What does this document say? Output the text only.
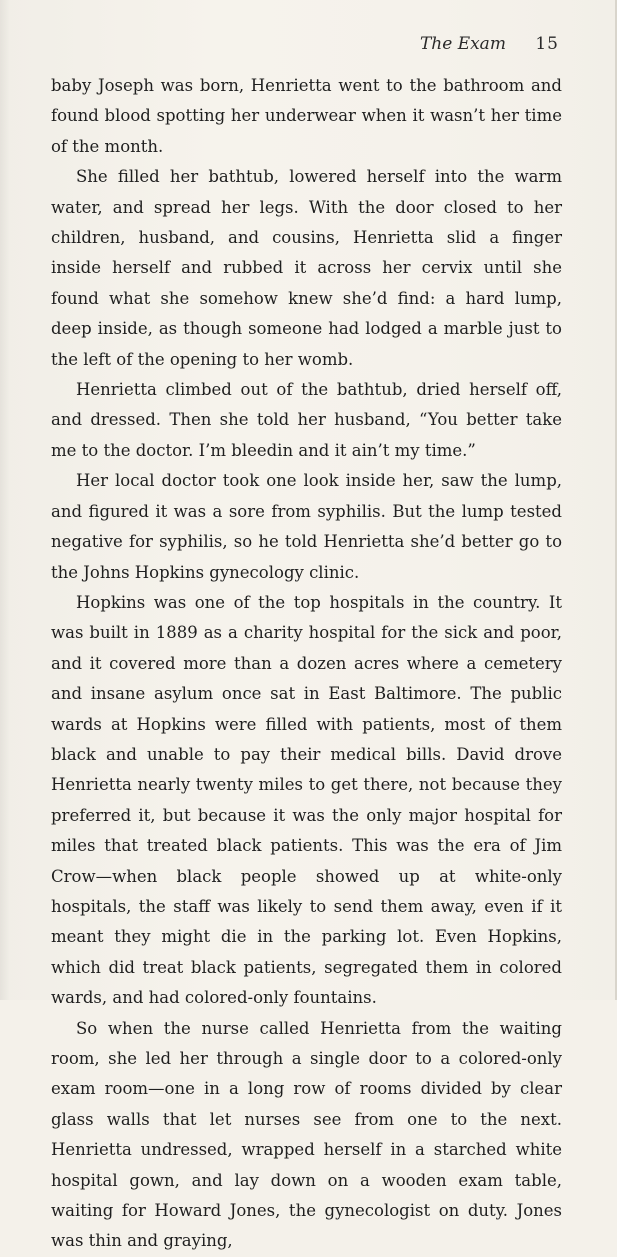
The Exam 15

baby Joseph was born, Henrietta went to the bathroom and found blood spotting her underwear when it wasn’t her time of the month.

She filled her bathtub, lowered herself into the warm water, and spread her legs. With the door closed to her children, husband, and cousins, Henrietta slid a finger inside herself and rubbed it across her cervix until she found what she somehow knew she’d find: a hard lump, deep inside, as though someone had lodged a marble just to the left of the opening to her womb.

Henrietta climbed out of the bathtub, dried herself off, and dressed. Then she told her husband, “You better take me to the doctor. I’m bleedin and it ain’t my time.”

Her local doctor took one look inside her, saw the lump, and figured it was a sore from syphilis. But the lump tested negative for syphilis, so he told Henrietta she’d better go to the Johns Hopkins gynecology clinic.

Hopkins was one of the top hospitals in the country. It was built in 1889 as a charity hospital for the sick and poor, and it covered more than a dozen acres where a cemetery and insane asylum once sat in East Baltimore. The public wards at Hopkins were filled with patients, most of them black and unable to pay their medical bills. David drove Henrietta nearly twenty miles to get there, not because they preferred it, but because it was the only major hospital for miles that treated black patients. This was the era of Jim Crow—when black people showed up at white-only hospitals, the staff was likely to send them away, even if it meant they might die in the parking lot. Even Hopkins, which did treat black patients, segregated them in colored wards, and had colored-only fountains.

So when the nurse called Henrietta from the waiting room, she led her through a single door to a colored-only exam room—one in a long row of rooms divided by clear glass walls that let nurses see from one to the next. Henrietta undressed, wrapped herself in a starched white hospital gown, and lay down on a wooden exam table, waiting for Howard Jones, the gynecologist on duty. Jones was thin and graying,
